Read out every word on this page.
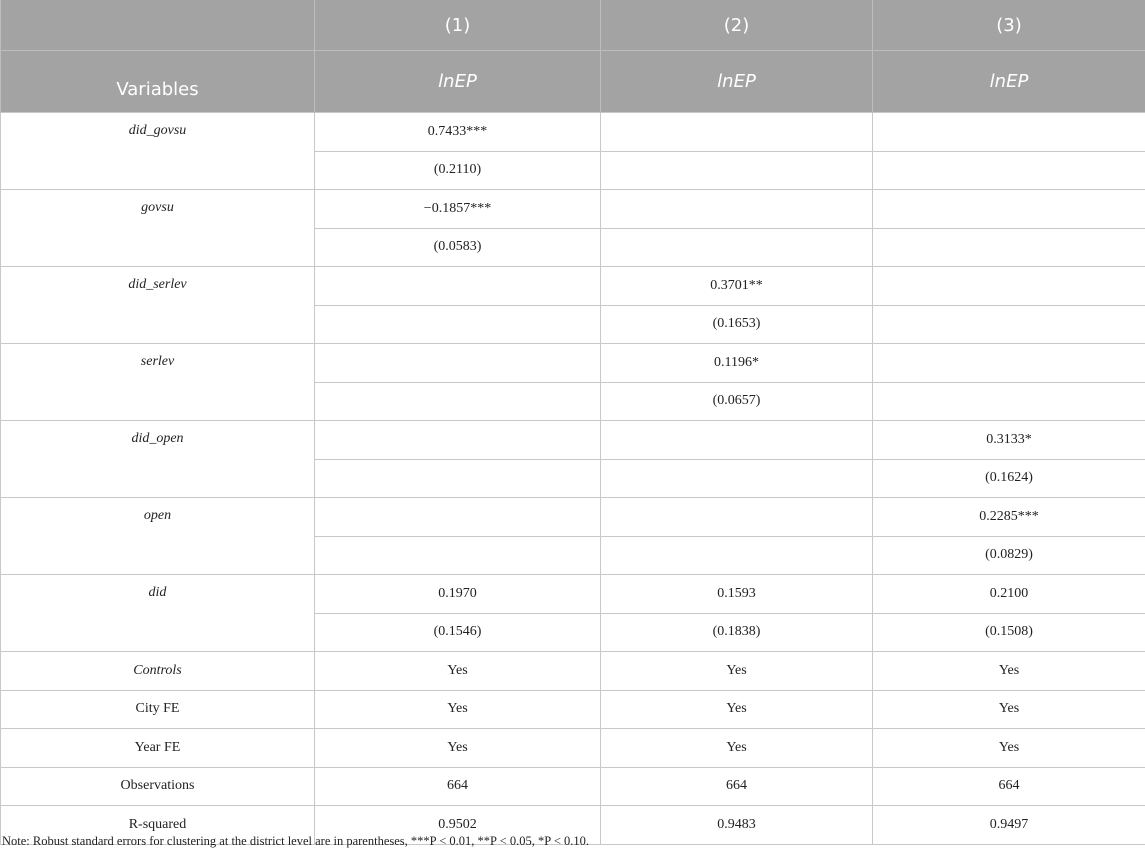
	(1)	(2)	(3)
Variables	lnEP	lnEP	lnEP
did_govsu	0.7433***		
	(0.2110)		
govsu	−0.1857***		
	(0.0583)		
did_serlev		0.3701**	
		(0.1653)	
serlev		0.1196*	
		(0.0657)	
did_open			0.3133*
			(0.1624)
open			0.2285***
			(0.0829)
did	0.1970	0.1593	0.2100
	(0.1546)	(0.1838)	(0.1508)
Controls	Yes	Yes	Yes
City FE	Yes	Yes	Yes
Year FE	Yes	Yes	Yes
Observations	664	664	664
R-squared	0.9502	0.9483	0.9497
Note: Robust standard errors for clustering at the district level are in parentheses, ***P < 0.01, **P < 0.05, *P < 0.10.
